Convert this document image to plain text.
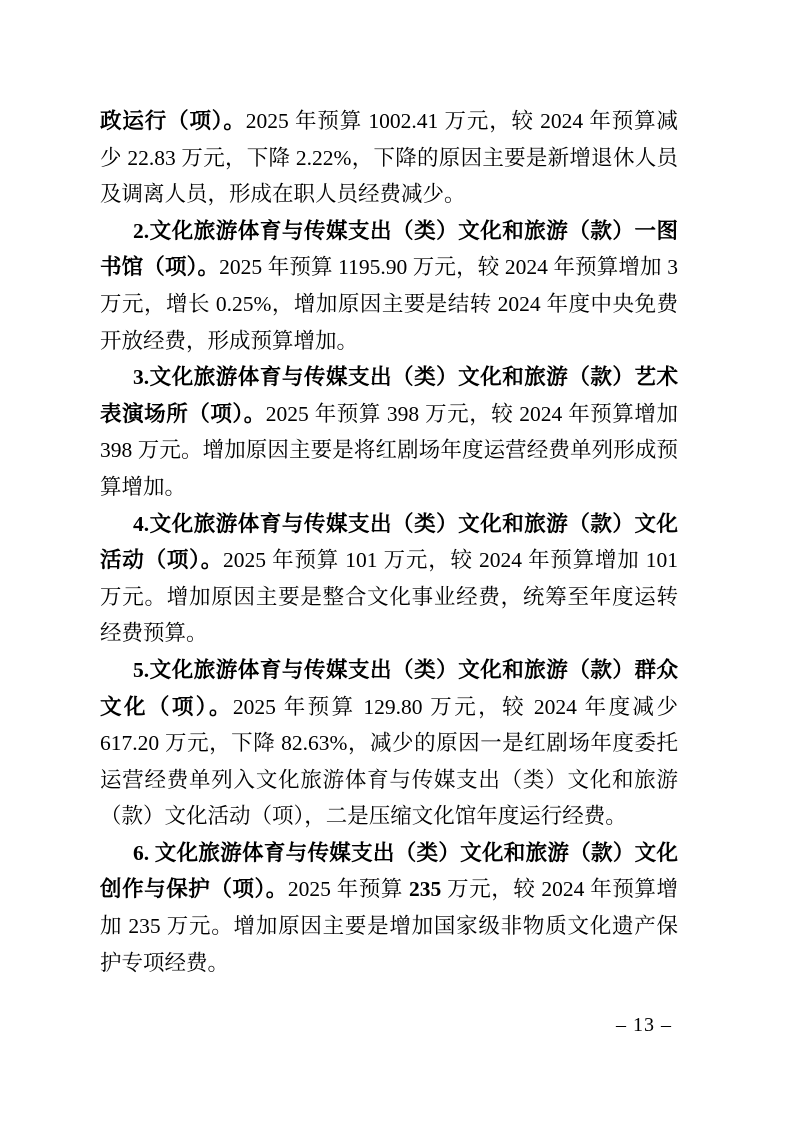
政运行（项）。2025 年预算 1002.41 万元，较 2024 年预算减少 22.83 万元，下降 2.22%，下降的原因主要是新增退休人员及调离人员，形成在职人员经费减少。

2.文化旅游体育与传媒支出（类）文化和旅游（款）一图书馆（项）。2025 年预算 1195.90 万元，较 2024 年预算增加 3 万元，增长 0.25%，增加原因主要是结转 2024 年度中央免费开放经费，形成预算增加。

3.文化旅游体育与传媒支出（类）文化和旅游（款）艺术表演场所（项）。2025 年预算 398 万元，较 2024 年预算增加 398 万元。增加原因主要是将红剧场年度运营经费单列形成预算增加。

4.文化旅游体育与传媒支出（类）文化和旅游（款）文化活动（项）。2025 年预算 101 万元，较 2024 年预算增加 101 万元。增加原因主要是整合文化事业经费，统筹至年度运转经费预算。

5.文化旅游体育与传媒支出（类）文化和旅游（款）群众文化（项）。2025 年预算 129.80 万元，较 2024 年度减少 617.20 万元，下降 82.63%，减少的原因一是红剧场年度委托运营经费单列入文化旅游体育与传媒支出（类）文化和旅游（款）文化活动（项），二是压缩文化馆年度运行经费。

6. 文化旅游体育与传媒支出（类）文化和旅游（款）文化创作与保护（项）。2025 年预算 235 万元，较 2024 年预算增加 235 万元。增加原因主要是增加国家级非物质文化遗产保护专项经费。

– 13 –
